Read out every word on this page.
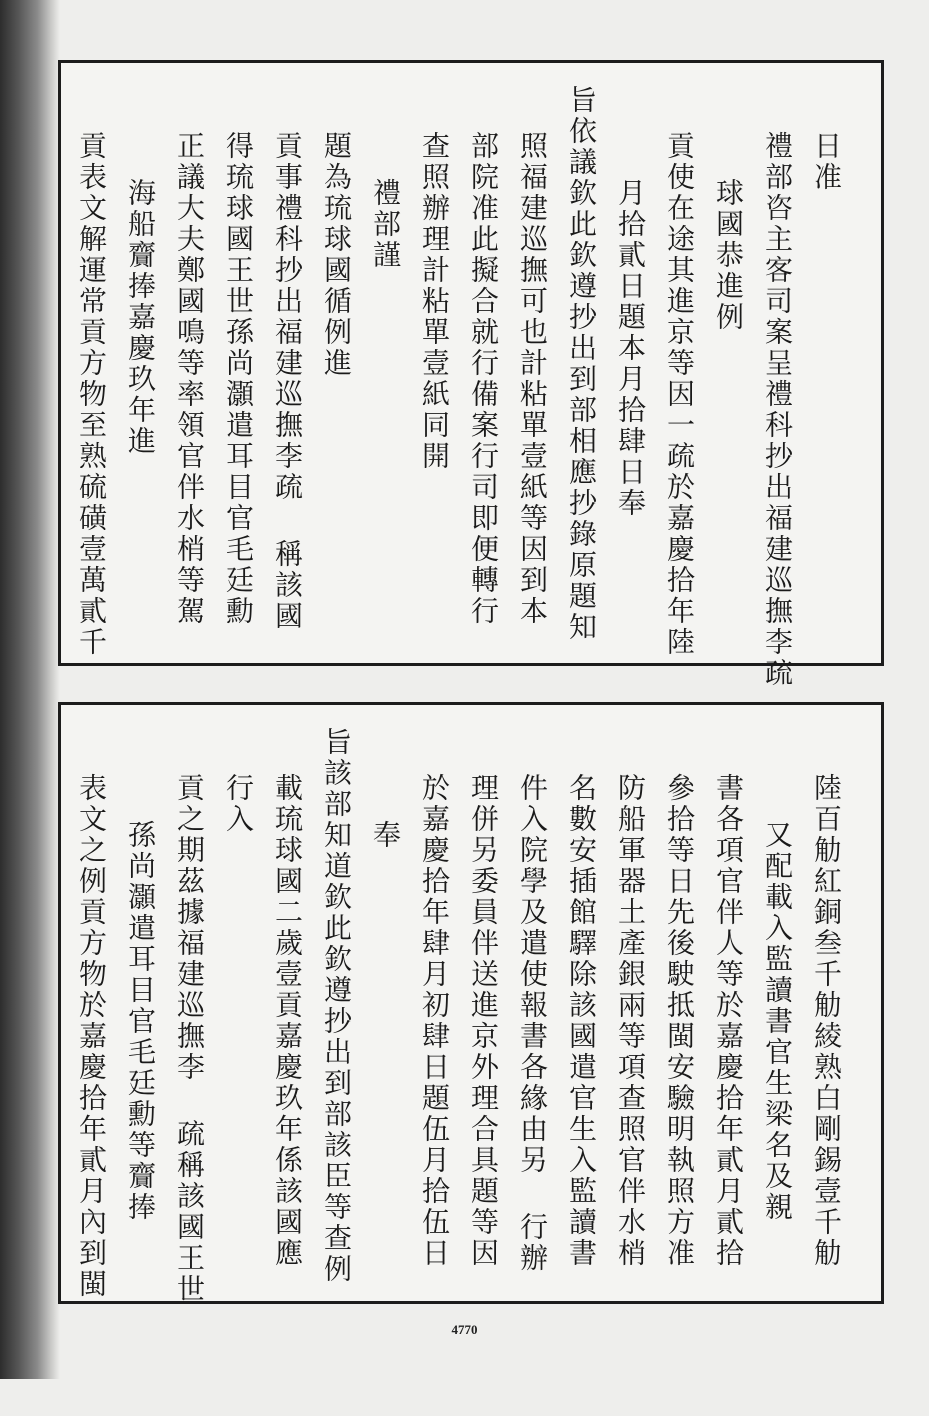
日准
禮部咨主客司案呈禮科抄出福建巡撫李疏
球國恭進例
貢使在途其進京等因一疏於嘉慶拾年陸
月拾貳日題本月拾肆日奉
旨依議欽此欽遵抄出到部相應抄錄原題知
照福建巡撫可也計粘單壹紙等因到本
部院准此擬合就行備案行司即便轉行
查照辦理計粘單壹紙同開
禮部謹
題為琉球國循例進
貢事禮科抄出福建巡撫李疏 稱該國
得琉球國王世孫尚灝遣耳目官毛廷勳
正議大夫鄭國鳴等率領官伴水梢等駕
海船齎捧嘉慶玖年進
貢表文解運常貢方物至熟硫磺壹萬貳千
陸百觔紅銅叁千觔綾熟白剛錫壹千觔
又配載入監讀書官生梁名及親
書各項官伴人等於嘉慶拾年貳月貳拾
參拾等日先後駛抵閩安驗明執照方准
防船軍器土產銀兩等項查照官伴水梢
名數安插館驛除該國遣官生入監讀書
件入院學及遣使報書各緣由另 行辦
理併另委員伴送進京外理合具題等因
於嘉慶拾年肆月初肆日題伍月拾伍日
奉
旨該部知道欽此欽遵抄出到部該臣等查例
載琉球國二歲壹貢嘉慶玖年係該國應
行入
貢之期茲據福建巡撫李 疏稱該國王世
孫尚灝遣耳目官毛廷勳等齎捧
表文之例貢方物於嘉慶拾年貳月內到閩
4770
